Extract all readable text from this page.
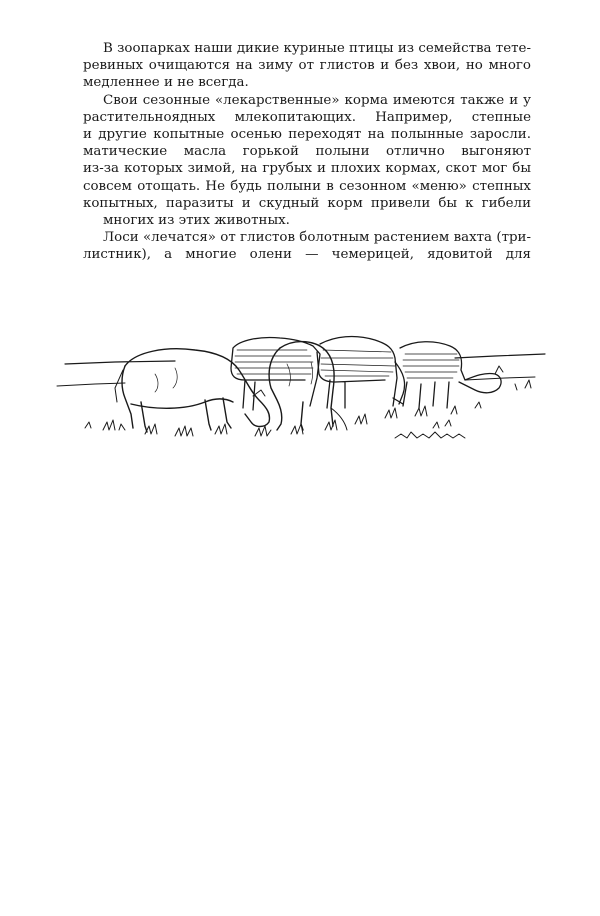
В зоопарках наши дикие куриные птицы из семейства тете-
ревиных очищаются на зиму от глистов и без хвои, но много
медленнее и не всегда.

Свои сезонные «лекарственные» корма имеются также и у
растительноядных млекопитающих. Например, степные
и другие копытные осенью переходят на полынные заросли.
матические масла горькой полыни отлично выгоняют
из-за которых зимой, на грубых и плохих кормах, скот мог бы
совсем отощать. Не будь полыни в сезонном «меню» степных
копытных, паразиты и скудный корм привели бы к гибели
многих из этих животных.

Лоси «лечатся» от глистов болотным растением вахта (три-
листник), а многие олени — чемерицей, ядовитой для
